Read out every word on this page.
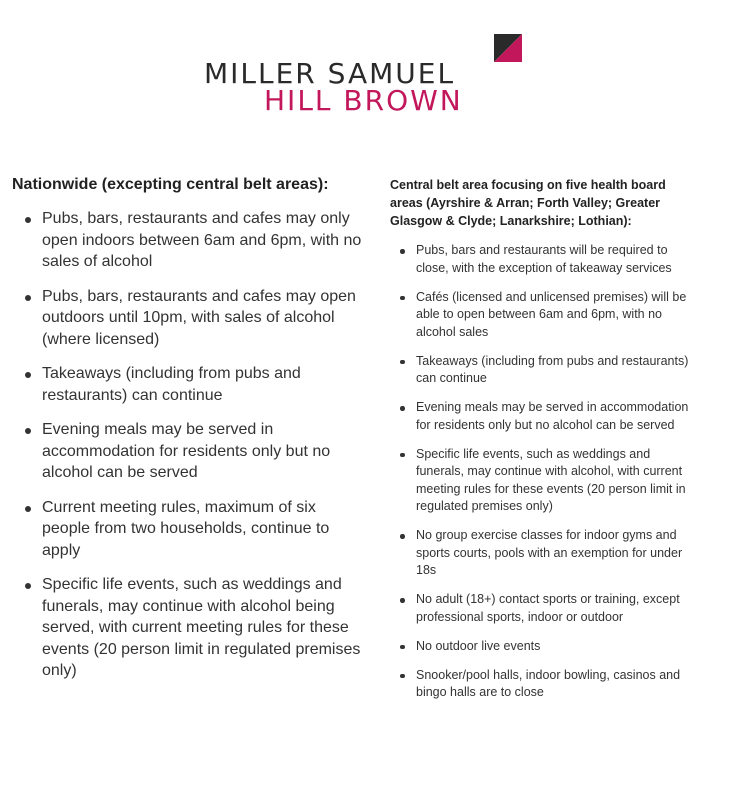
MILLER SAMUEL
HILL BROWN
Nationwide (excepting central belt areas):
Pubs, bars, restaurants and cafes may only open indoors between 6am and 6pm, with no sales of alcohol
Pubs, bars, restaurants and cafes may open outdoors until 10pm, with sales of alcohol (where licensed)
Takeaways (including from pubs and restaurants) can continue
Evening meals may be served in accommodation for residents only but no alcohol can be served
Current meeting rules, maximum of six people from two households, continue to apply
Specific life events, such as weddings and funerals, may continue with alcohol being served, with current meeting rules for these events (20 person limit in regulated premises only)
Central belt area focusing on five health board areas (Ayrshire & Arran; Forth Valley; Greater Glasgow & Clyde; Lanarkshire; Lothian):
Pubs, bars and restaurants will be required to close, with the exception of takeaway services
Cafés (licensed and unlicensed premises) will be able to open between 6am and 6pm, with no alcohol sales
Takeaways (including from pubs and restaurants) can continue
Evening meals may be served in accommodation for residents only but no alcohol can be served
Specific life events, such as weddings and funerals, may continue with alcohol, with current meeting rules for these events (20 person limit in regulated premises only)
No group exercise classes for indoor gyms and sports courts, pools with an exemption for under 18s
No adult (18+) contact sports or training, except professional sports, indoor or outdoor
No outdoor live events
Snooker/pool halls, indoor bowling, casinos and bingo halls are to close
